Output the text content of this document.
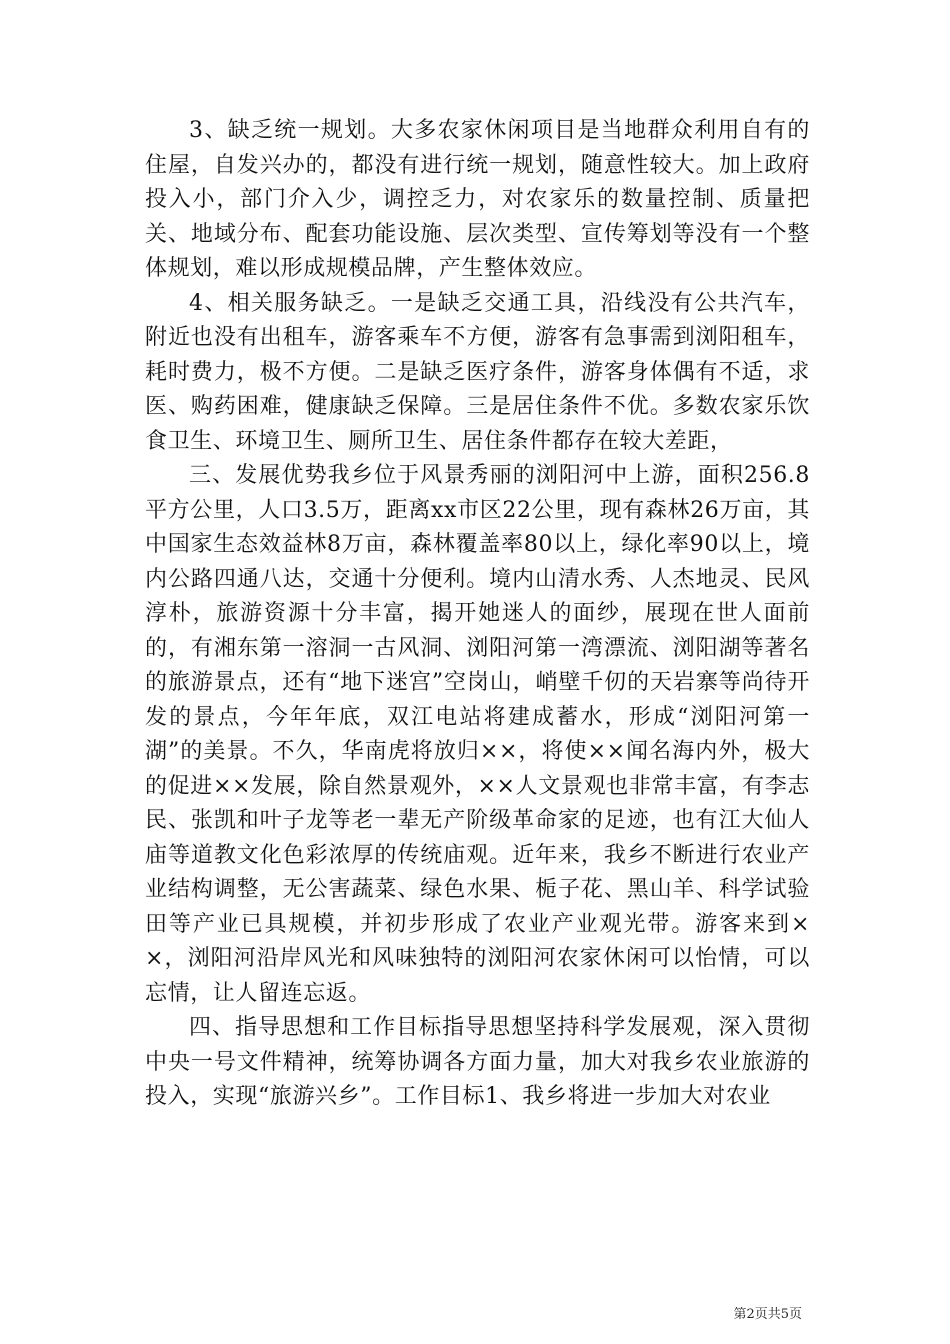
3、缺乏统一规划。大多农家休闲项目是当地群众利用自有的住屋，自发兴办的，都没有进行统一规划，随意性较大。加上政府投入小，部门介入少，调控乏力，对农家乐的数量控制、质量把关、地域分布、配套功能设施、层次类型、宣传筹划等没有一个整体规划，难以形成规模品牌，产生整体效应。

4、相关服务缺乏。一是缺乏交通工具，沿线没有公共汽车，附近也没有出租车，游客乘车不方便，游客有急事需到浏阳租车，耗时费力，极不方便。二是缺乏医疗条件，游客身体偶有不适，求医、购药困难，健康缺乏保障。三是居住条件不优。多数农家乐饮食卫生、环境卫生、厕所卫生、居住条件都存在较大差距，

三、发展优势我乡位于风景秀丽的浏阳河中上游，面积256.8平方公里，人口3.5万，距离xx市区22公里，现有森林26万亩，其中国家生态效益林8万亩，森林覆盖率80以上，绿化率90以上，境内公路四通八达，交通十分便利。境内山清水秀、人杰地灵、民风淳朴，旅游资源十分丰富，揭开她迷人的面纱，展现在世人面前的，有湘东第一溶洞一古风洞、浏阳河第一湾漂流、浏阳湖等著名的旅游景点，还有“地下迷宫”空岗山，峭壁千仞的天岩寨等尚待开发的景点，今年年底，双江电站将建成蓄水，形成“浏阳河第一湖”的美景。不久，华南虎将放归××，将使××闻名海内外，极大的促进××发展，除自然景观外，××人文景观也非常丰富，有李志民、张凯和叶子龙等老一辈无产阶级革命家的足迹，也有江大仙人庙等道教文化色彩浓厚的传统庙观。近年来，我乡不断进行农业产业结构调整，无公害蔬菜、绿色水果、栀子花、黑山羊、科学试验田等产业已具规模，并初步形成了农业产业观光带。游客来到××，浏阳河沿岸风光和风味独特的浏阳河农家休闲可以怡情，可以忘情，让人留连忘返。

四、指导思想和工作目标指导思想坚持科学发展观，深入贯彻中央一号文件精神，统筹协调各方面力量，加大对我乡农业旅游的投入，实现“旅游兴乡”。工作目标1、我乡将进一步加大对农业

第2页共5页
